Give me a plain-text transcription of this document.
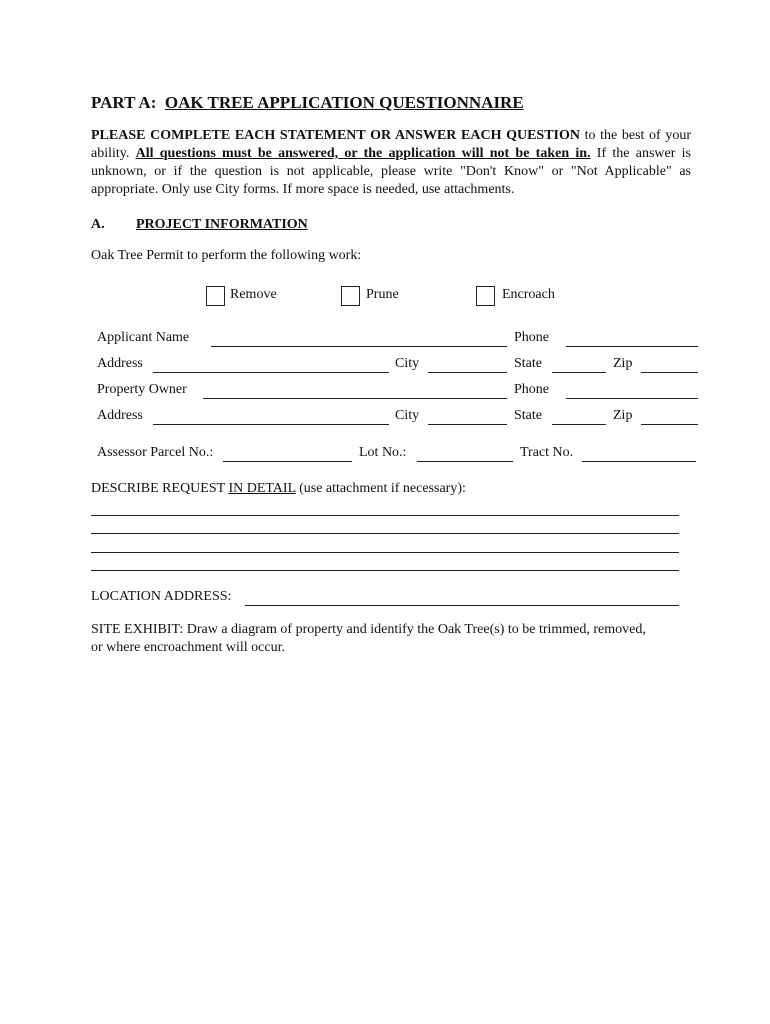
PART A: OAK TREE APPLICATION QUESTIONNAIRE
PLEASE COMPLETE EACH STATEMENT OR ANSWER EACH QUESTION to the best of your ability. All questions must be answered, or the application will not be taken in. If the answer is unknown, or if the question is not applicable, please write "Don't Know" or "Not Applicable" as appropriate. Only use City forms. If more space is needed, use attachments.
A. PROJECT INFORMATION
Oak Tree Permit to perform the following work:
Remove	Prune	Encroach
Applicant Name	Phone
Address	City	State	Zip
Property Owner	Phone
Address	City	State	Zip
Assessor Parcel No.:	Lot No.:	Tract No.
DESCRIBE REQUEST IN DETAIL (use attachment if necessary):
LOCATION ADDRESS:
SITE EXHIBIT: Draw a diagram of property and identify the Oak Tree(s) to be trimmed, removed,
or where encroachment will occur.
